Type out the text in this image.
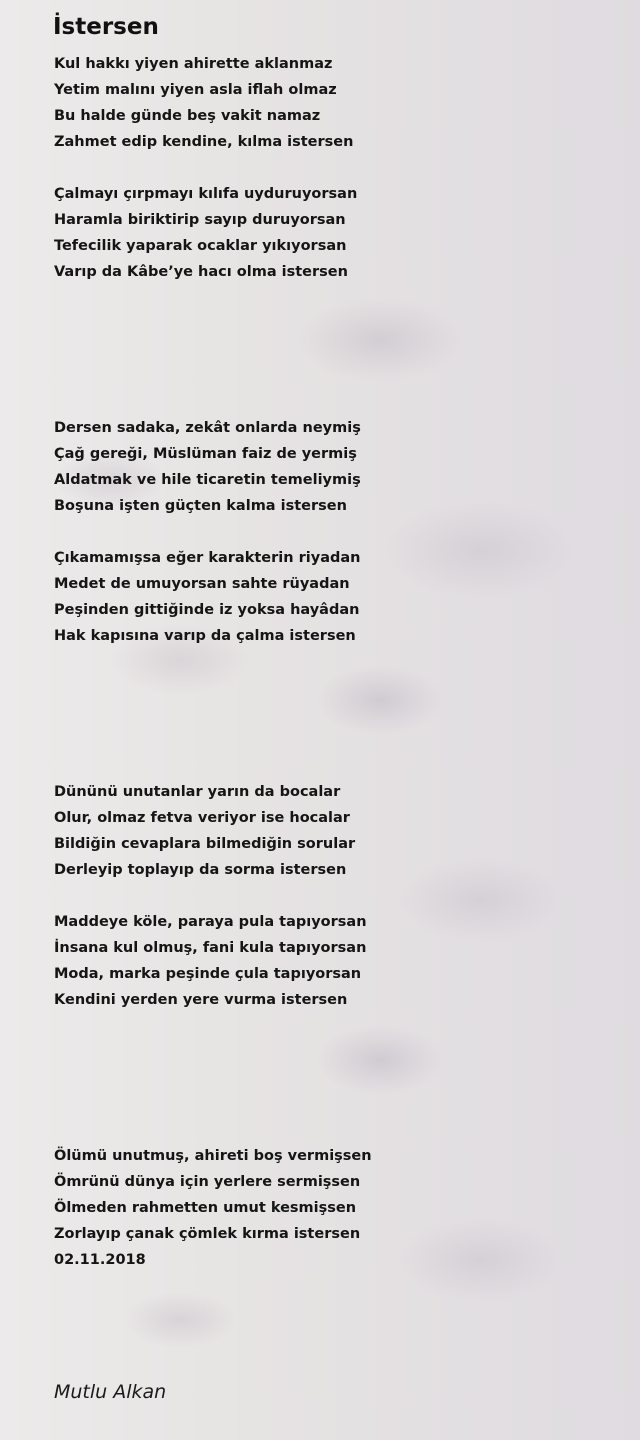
İstersen
Kul hakkı yiyen ahirette aklanmaz
Yetim malını yiyen asla iflah olmaz
Bu halde günde beş vakit namaz
Zahmet edip kendine, kılma istersen
Çalmayı çırpmayı kılıfa uyduruyorsan
Haramla biriktirip sayıp duruyorsan
Tefecilik yaparak ocaklar yıkıyorsan
Varıp da Kâbe’ye hacı olma istersen
Dersen sadaka, zekât onlarda neymiş
Çağ gereği, Müslüman faiz de yermiş
Aldatmak ve hile ticaretin temeliymiş
Boşuna işten güçten kalma istersen
Çıkamamışsa eğer karakterin riyadan
Medet de umuyorsan sahte rüyadan
Peşinden gittiğinde iz yoksa hayâdan
Hak kapısına varıp da çalma istersen
Dününü unutanlar yarın da bocalar
Olur, olmaz fetva veriyor ise hocalar
Bildiğin cevaplara bilmediğin sorular
Derleyip toplayıp da sorma istersen
Maddeye köle, paraya pula tapıyorsan
İnsana kul olmuş, fani kula tapıyorsan
Moda, marka peşinde çula tapıyorsan
Kendini yerden yere vurma istersen
Ölümü unutmuş, ahireti boş vermişsen
Ömrünü dünya için yerlere sermişsen
Ölmeden rahmetten umut kesmişsen
Zorlayıp çanak çömlek kırma istersen
02.11.2018
Mutlu Alkan
